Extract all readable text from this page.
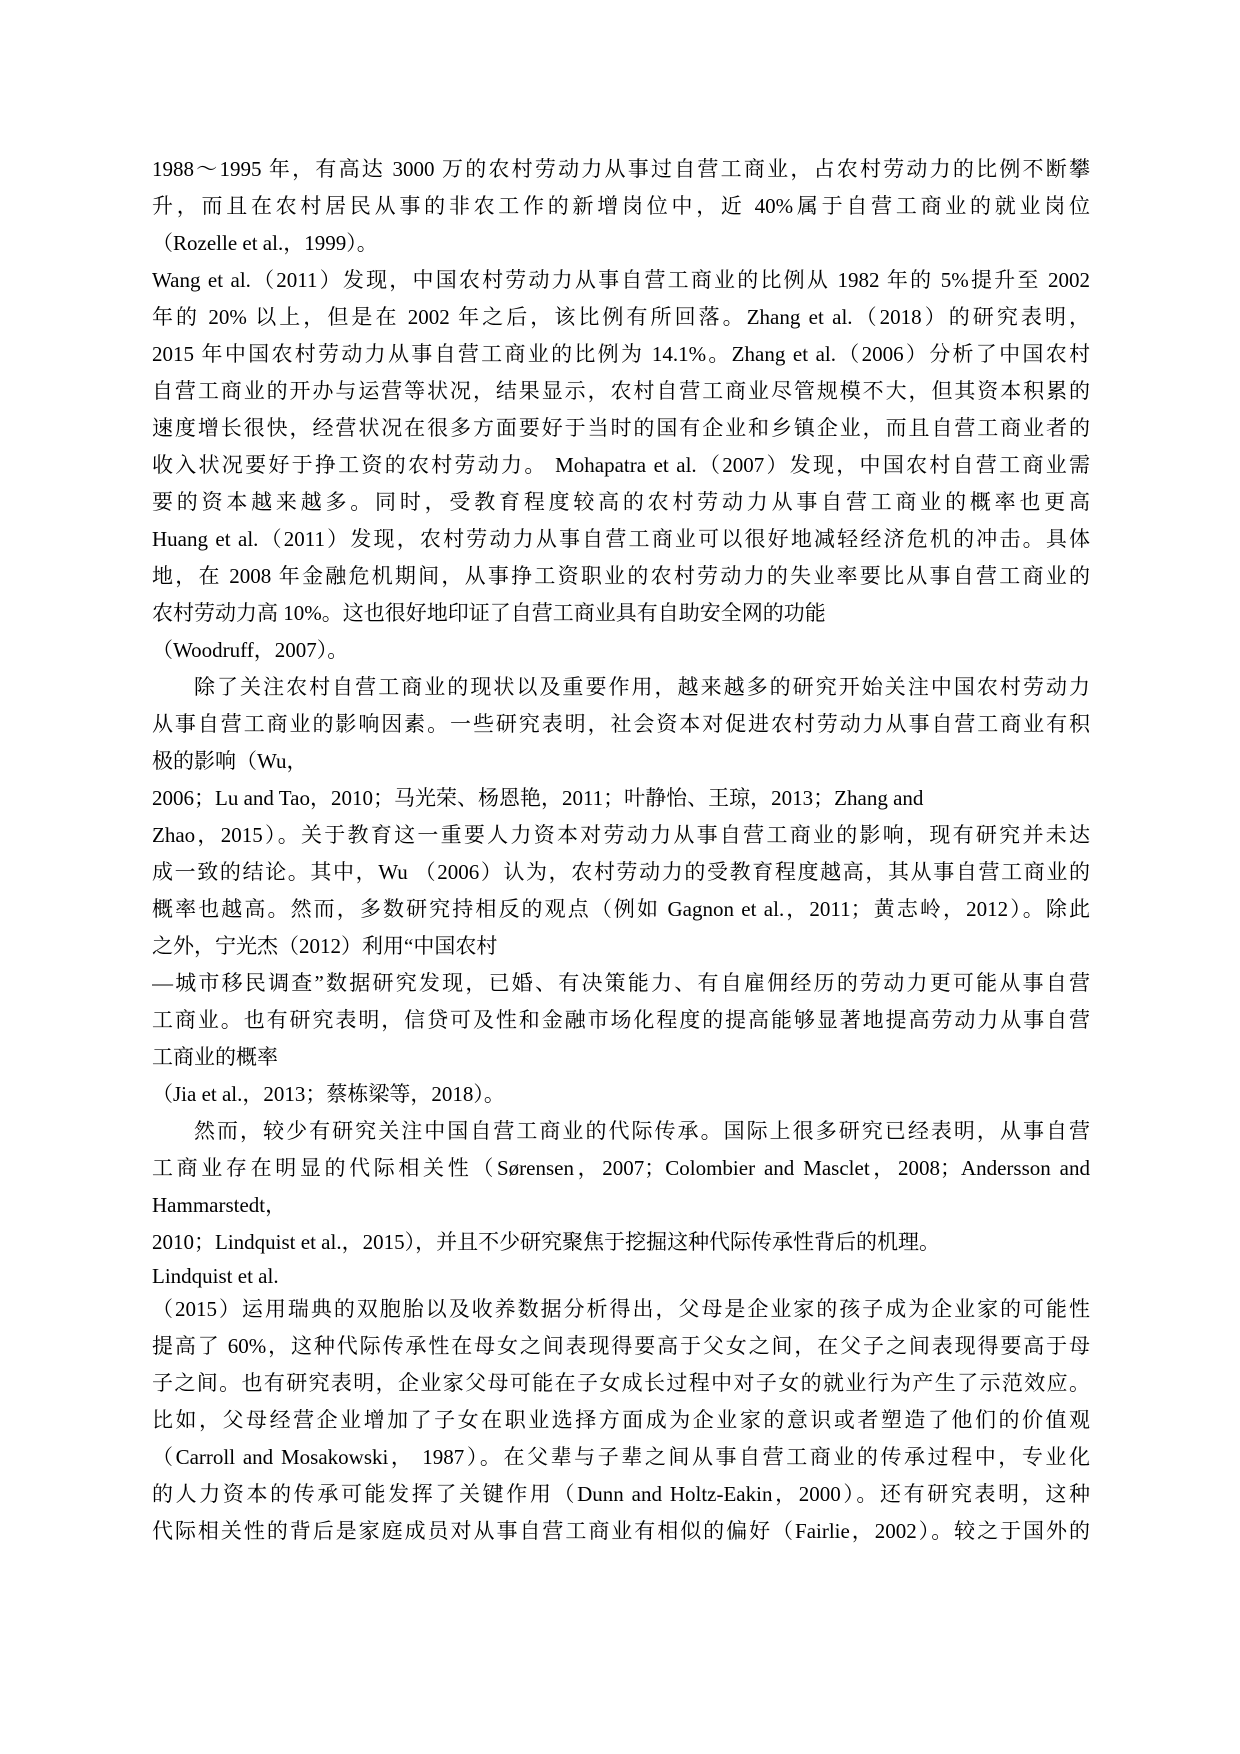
1988～1995 年，有高达 3000 万的农村劳动力从事过自营工商业，占农村劳动力的比例不断攀
升，而且在农村居民从事的非农工作的新增岗位中，近 40%属于自营工商业的就业岗位
（Rozelle et al.，1999）。
Wang et al.（2011）发现，中国农村劳动力从事自营工商业的比例从 1982 年的 5%提升至 2002
年的 20% 以上，但是在 2002 年之后，该比例有所回落。Zhang et al.（2018）的研究表明，
2015 年中国农村劳动力从事自营工商业的比例为 14.1%。Zhang et al.（2006）分析了中国农村
自营工商业的开办与运营等状况，结果显示，农村自营工商业尽管规模不大，但其资本积累的
速度增长很快，经营状况在很多方面要好于当时的国有企业和乡镇企业，而且自营工商业者的
收入状况要好于挣工资的农村劳动力。 Mohapatra et al.（2007）发现，中国农村自营工商业需
要的资本越来越多。同时，受教育程度较高的农村劳动力从事自营工商业的概率也更高
Huang et al.（2011）发现，农村劳动力从事自营工商业可以很好地减轻经济危机的冲击。具体
地，在 2008 年金融危机期间，从事挣工资职业的农村劳动力的失业率要比从事自营工商业的
农村劳动力高 10%。这也很好地印证了自营工商业具有自助安全网的功能
（Woodruff，2007）。
除了关注农村自营工商业的现状以及重要作用，越来越多的研究开始关注中国农村劳动力
从事自营工商业的影响因素。一些研究表明，社会资本对促进农村劳动力从事自营工商业有积
极的影响（Wu，
2006；Lu and Tao，2010；马光荣、杨恩艳，2011；叶静怡、王琼，2013；Zhang and
Zhao，2015）。关于教育这一重要人力资本对劳动力从事自营工商业的影响，现有研究并未达
成一致的结论。其中，Wu （2006）认为，农村劳动力的受教育程度越高，其从事自营工商业的
概率也越高。然而，多数研究持相反的观点（例如 Gagnon et al.，2011；黄志岭，2012）。除此
之外，宁光杰（2012）利用“中国农村
—城市移民调查”数据研究发现，已婚、有决策能力、有自雇佣经历的劳动力更可能从事自营
工商业。也有研究表明，信贷可及性和金融市场化程度的提高能够显著地提高劳动力从事自营
工商业的概率
（Jia et al.，2013；蔡栋梁等，2018）。
然而，较少有研究关注中国自营工商业的代际传承。国际上很多研究已经表明，从事自营
工商业存在明显的代际相关性（Sørensen，2007；Colombier and Masclet，2008；Andersson and
Hammarstedt，
2010；Lindquist et al.，2015），并且不少研究聚焦于挖掘这种代际传承性背后的机理。
Lindquist et al.
（2015）运用瑞典的双胞胎以及收养数据分析得出，父母是企业家的孩子成为企业家的可能性
提高了 60%，这种代际传承性在母女之间表现得要高于父女之间，在父子之间表现得要高于母
子之间。也有研究表明，企业家父母可能在子女成长过程中对子女的就业行为产生了示范效应。
比如，父母经营企业增加了子女在职业选择方面成为企业家的意识或者塑造了他们的价值观
（Carroll and Mosakowski， 1987）。在父辈与子辈之间从事自营工商业的传承过程中，专业化
的人力资本的传承可能发挥了关键作用（Dunn and Holtz-Eakin，2000）。还有研究表明，这种
代际相关性的背后是家庭成员对从事自营工商业有相似的偏好（Fairlie，2002）。较之于国外的
